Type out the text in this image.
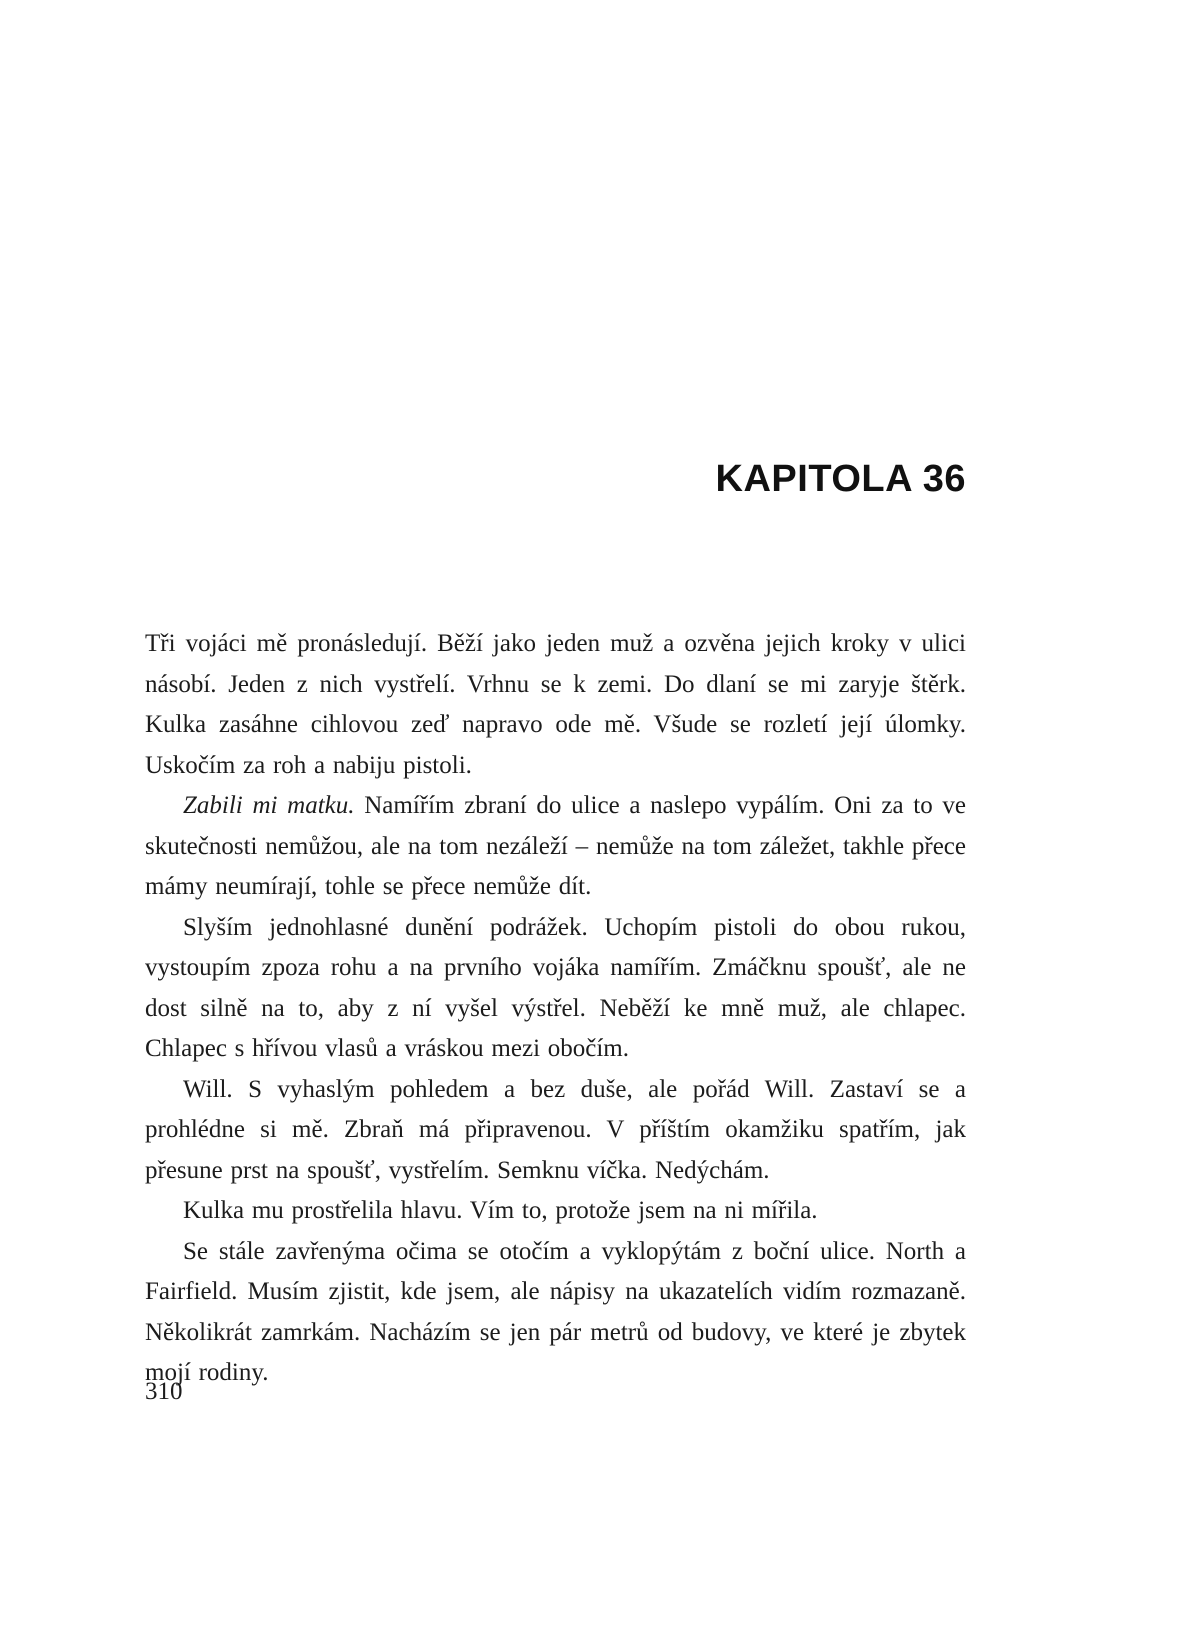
KAPITOLA 36

Tři vojáci mě pronásledují. Běží jako jeden muž a ozvěna jejich kroky v ulici násobí. Jeden z nich vystřelí. Vrhnu se k zemi. Do dlaní se mi zaryje štěrk. Kulka zasáhne cihlovou zeď napravo ode mě. Všude se rozletí její úlomky. Uskočím za roh a nabiju pistoli.

Zabili mi matku. Namířím zbraní do ulice a naslepo vypálím. Oni za to ve skutečnosti nemůžou, ale na tom nezáleží – nemůže na tom záležet, takhle přece mámy neumírají, tohle se přece nemůže dít.

Slyším jednohlasné dunění podrážek. Uchopím pistoli do obou rukou, vystoupím zpoza rohu a na prvního vojáka namířím. Zmáčknu spoušť, ale ne dost silně na to, aby z ní vyšel výstřel. Neběží ke mně muž, ale chlapec. Chlapec s hřívou vlasů a vráskou mezi obočím.

Will. S vyhaslým pohledem a bez duše, ale pořád Will. Zastaví se a prohlédne si mě. Zbraň má připravenou. V příštím okamžiku spatřím, jak přesune prst na spoušť, vystřelím. Semknu víčka. Nedýchám.

Kulka mu prostřelila hlavu. Vím to, protože jsem na ni mířila.

Se stále zavřenýma očima se otočím a vyklopýtám z boční ulice. North a Fairfield. Musím zjistit, kde jsem, ale nápisy na ukazatelích vidím rozmazaně. Několikrát zamrkám. Nacházím se jen pár metrů od budovy, ve které je zbytek mojí rodiny.

310
